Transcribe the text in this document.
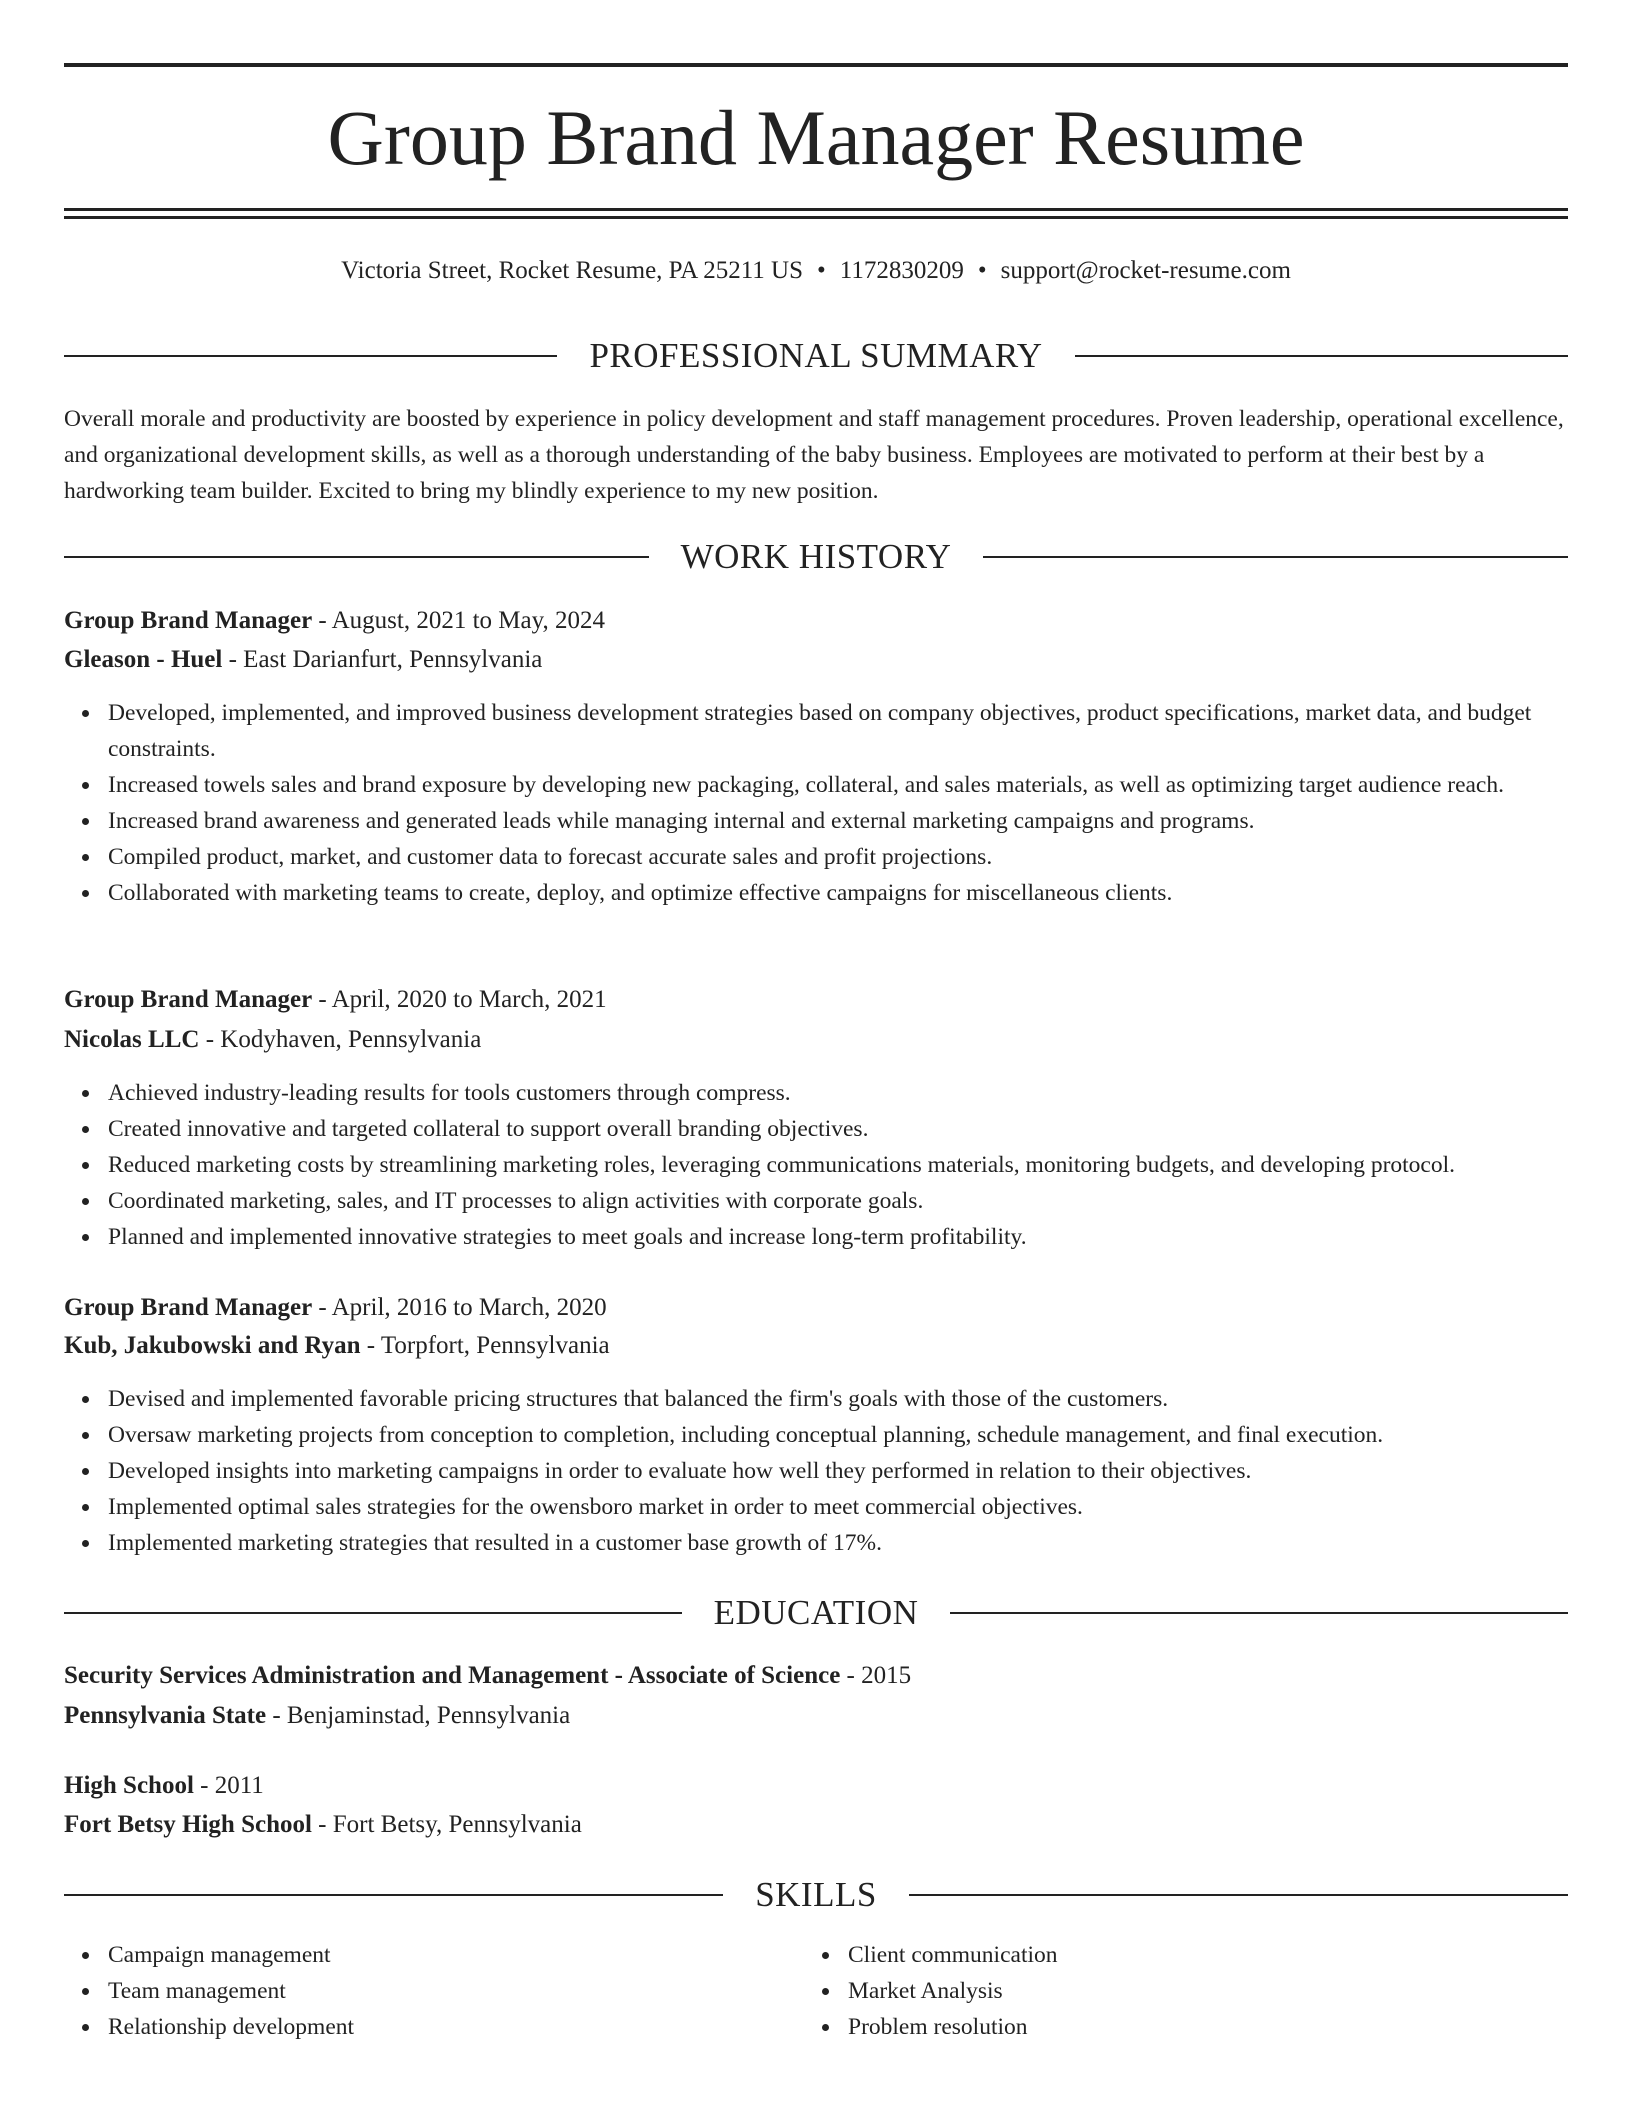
Group Brand Manager Resume
Victoria Street, Rocket Resume, PA 25211 US • 1172830209 • support@rocket-resume.com
PROFESSIONAL SUMMARY

Overall morale and productivity are boosted by experience in policy development and staff management procedures. Proven leadership, operational excellence, and organizational development skills, as well as a thorough understanding of the baby business. Employees are motivated to perform at their best by a hardworking team builder. Excited to bring my blindly experience to my new position.

WORK HISTORY
Group Brand Manager - August, 2021 to May, 2024
Gleason - Huel - East Darianfurt, Pennsylvania
Developed, implemented, and improved business development strategies based on company objectives, product specifications, market data, and budget constraints.
Increased towels sales and brand exposure by developing new packaging, collateral, and sales materials, as well as optimizing target audience reach.
Increased brand awareness and generated leads while managing internal and external marketing campaigns and programs.
Compiled product, market, and customer data to forecast accurate sales and profit projections.
Collaborated with marketing teams to create, deploy, and optimize effective campaigns for miscellaneous clients.
Group Brand Manager - April, 2020 to March, 2021
Nicolas LLC - Kodyhaven, Pennsylvania
Achieved industry-leading results for tools customers through compress.
Created innovative and targeted collateral to support overall branding objectives.
Reduced marketing costs by streamlining marketing roles, leveraging communications materials, monitoring budgets, and developing protocol.
Coordinated marketing, sales, and IT processes to align activities with corporate goals.
Planned and implemented innovative strategies to meet goals and increase long-term profitability.
Group Brand Manager - April, 2016 to March, 2020
Kub, Jakubowski and Ryan - Torpfort, Pennsylvania
Devised and implemented favorable pricing structures that balanced the firm's goals with those of the customers.
Oversaw marketing projects from conception to completion, including conceptual planning, schedule management, and final execution.
Developed insights into marketing campaigns in order to evaluate how well they performed in relation to their objectives.
Implemented optimal sales strategies for the owensboro market in order to meet commercial objectives.
Implemented marketing strategies that resulted in a customer base growth of 17%.
EDUCATION
Security Services Administration and Management - Associate of Science - 2015
Pennsylvania State - Benjaminstad, Pennsylvania
High School - 2011
Fort Betsy High School - Fort Betsy, Pennsylvania
SKILLS
Campaign management
Team management
Relationship development
Client communication
Market Analysis
Problem resolution
